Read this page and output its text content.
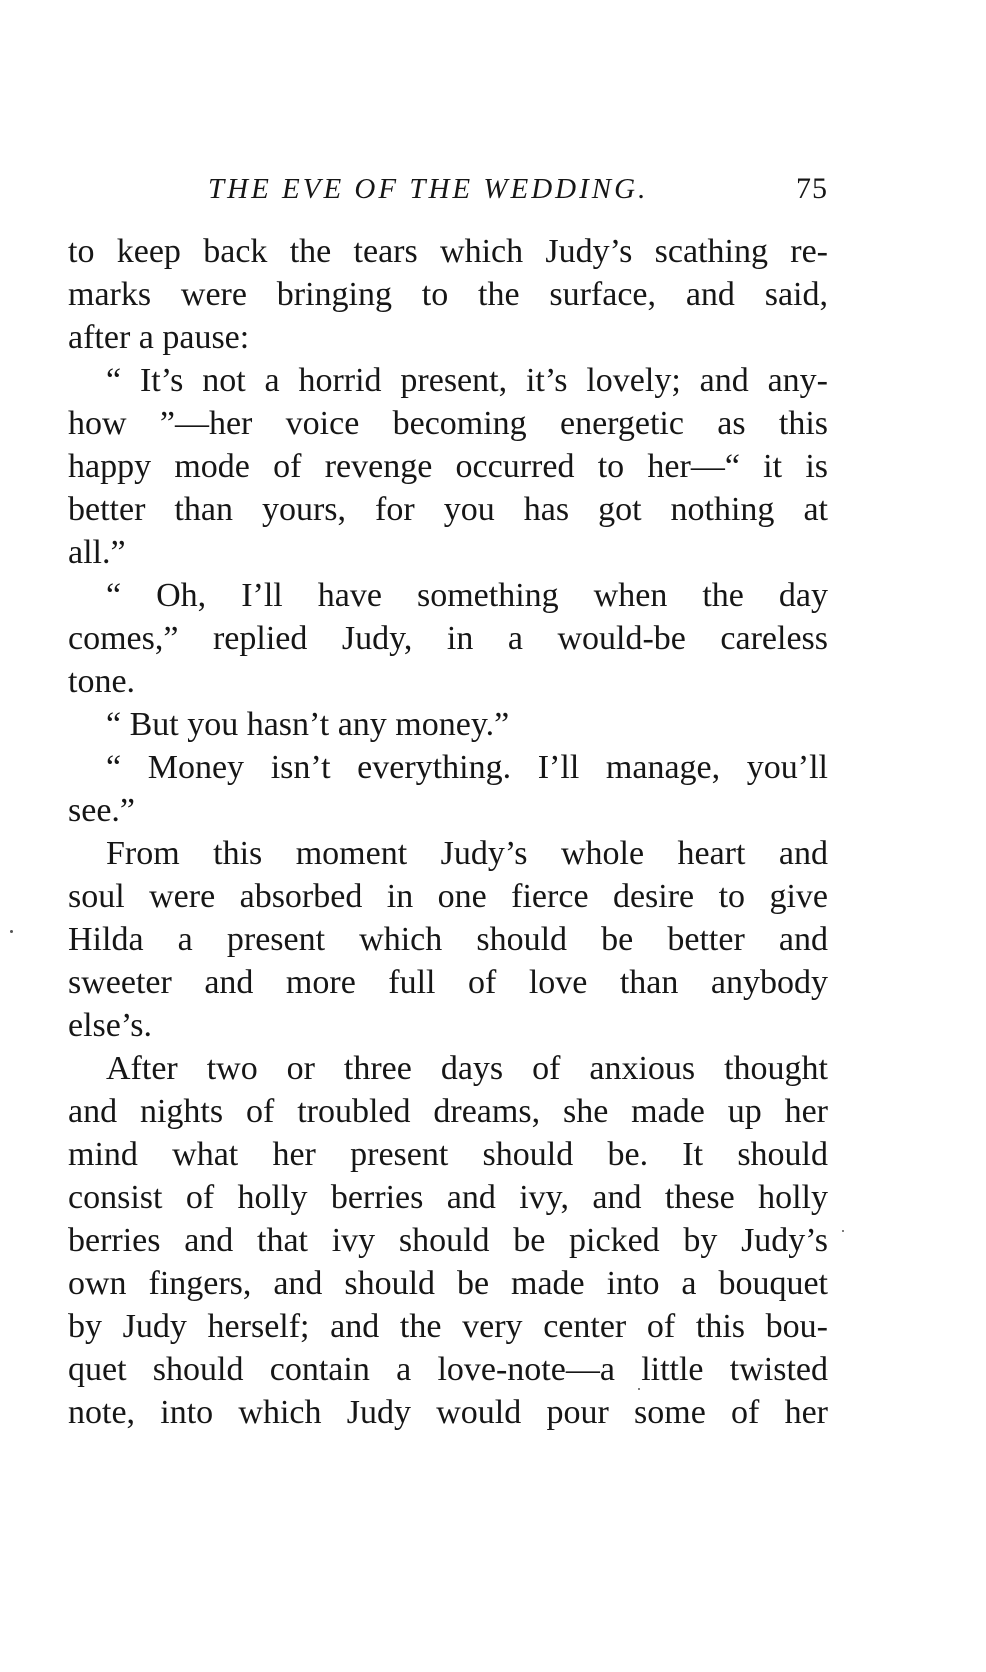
THE EVE OF THE WEDDING.	75
to keep back the tears which Judy’s scathing re-
marks were bringing to the surface, and said,
after a pause:
“ It’s not a horrid present, it’s lovely; and any-
how ”—her voice becoming energetic as this
happy mode of revenge occurred to her—“ it is
better than yours, for you has got nothing at
all.”
“ Oh, I’ll have something when the day
comes,” replied Judy, in a would-be careless
tone.
“ But you hasn’t any money.”
“ Money isn’t everything. I’ll manage, you’ll
see.”
From this moment Judy’s whole heart and
soul were absorbed in one fierce desire to give
Hilda a present which should be better and
sweeter and more full of love than anybody
else’s.
After two or three days of anxious thought
and nights of troubled dreams, she made up her
mind what her present should be. It should
consist of holly berries and ivy, and these holly
berries and that ivy should be picked by Judy’s
own fingers, and should be made into a bouquet
by Judy herself; and the very center of this bou-
quet should contain a love-note—a little twisted
note, into which Judy would pour some of her
